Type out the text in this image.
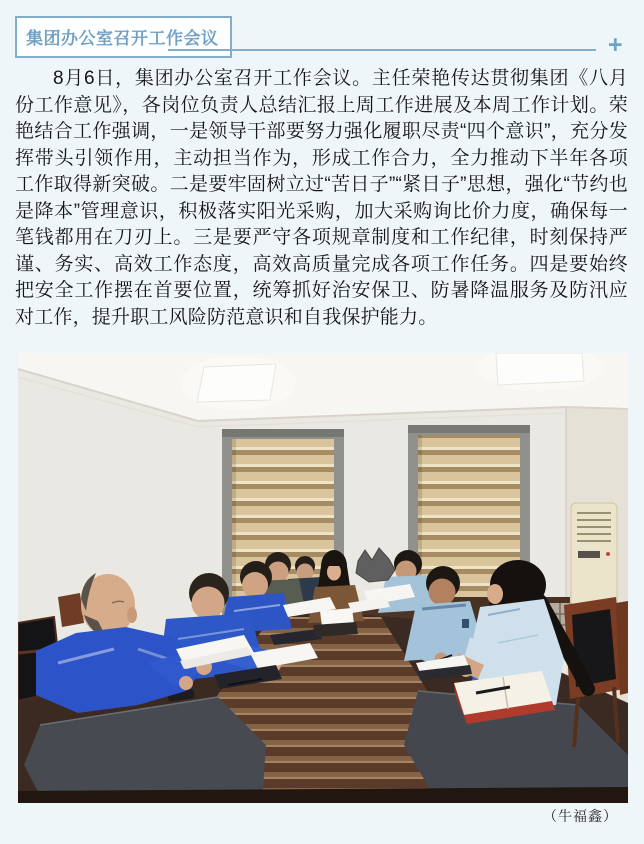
集团办公室召开工作会议	+

8月6日，集团办公室召开工作会议。主任荣艳传达贯彻集团《八月份工作意见》，各岗位负责人总结汇报上周工作进展及本周工作计划。荣艳结合工作强调，一是领导干部要努力强化履职尽责“四个意识”，充分发挥带头引领作用，主动担当作为，形成工作合力，全力推动下半年各项工作取得新突破。二是要牢固树立过“苦日子”“紧日子”思想，强化“节约也是降本”管理意识，积极落实阳光采购，加大采购询比价力度，确保每一笔钱都用在刀刃上。三是要严守各项规章制度和工作纪律，时刻保持严谨、务实、高效工作态度，高效高质量完成各项工作任务。四是要始终把安全工作摆在首要位置，统筹抓好治安保卫、防暑降温服务及防汛应对工作，提升职工风险防范意识和自我保护能力。

（牛福鑫）
